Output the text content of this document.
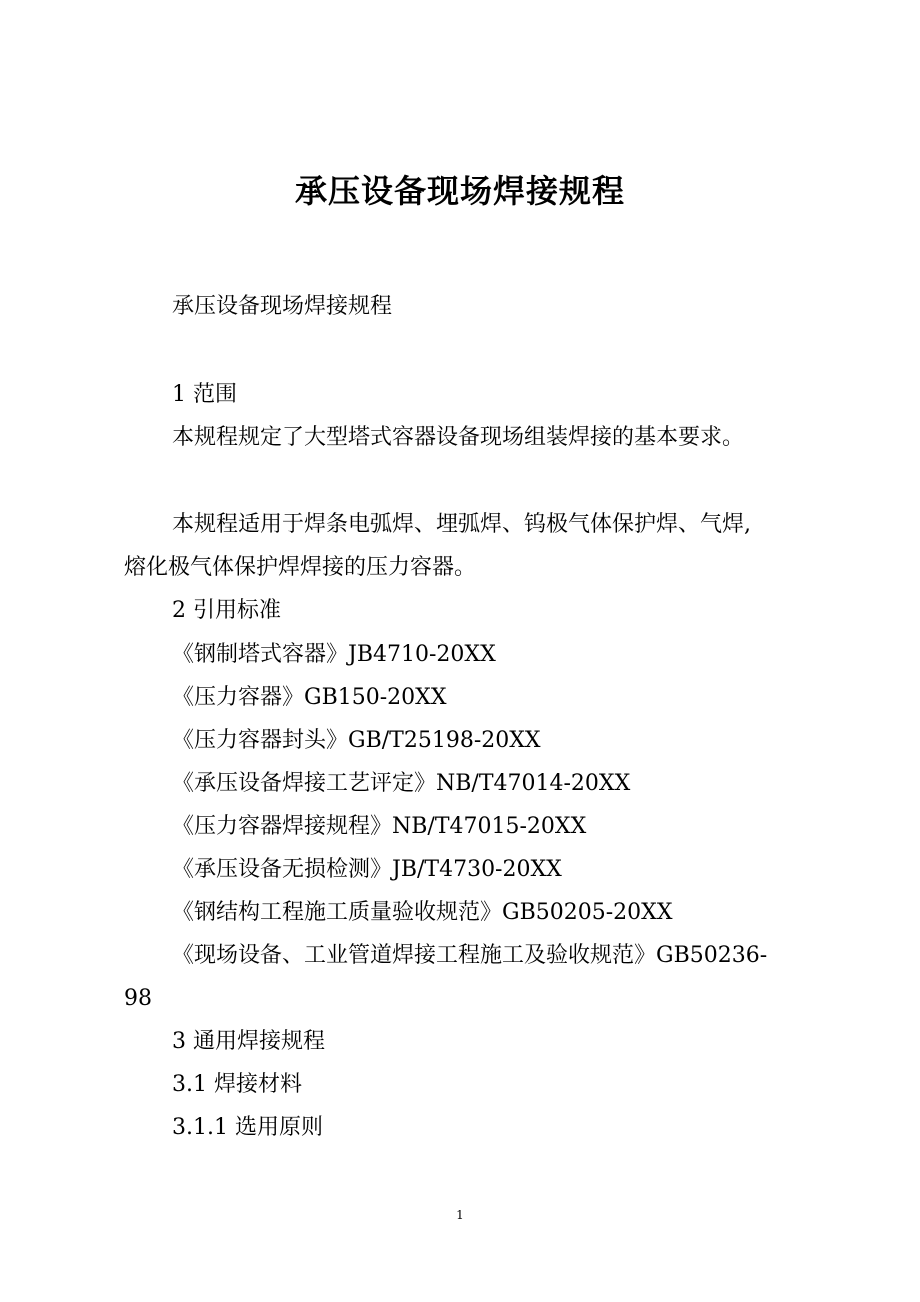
承压设备现场焊接规程
承压设备现场焊接规程
1 范围
本规程规定了大型塔式容器设备现场组装焊接的基本要求。
本规程适用于焊条电弧焊、埋弧焊、钨极气体保护焊、气焊,
熔化极气体保护焊焊接的压力容器。
2 引用标准
《钢制塔式容器》JB4710-20XX
《压力容器》GB150-20XX
《压力容器封头》GB/T25198-20XX
《承压设备焊接工艺评定》NB/T47014-20XX
《压力容器焊接规程》NB/T47015-20XX
《承压设备无损检测》JB/T4730-20XX
《钢结构工程施工质量验收规范》GB50205-20XX
《现场设备、工业管道焊接工程施工及验收规范》GB50236-
98
3 通用焊接规程
3.1 焊接材料
3.1.1 选用原则
1
